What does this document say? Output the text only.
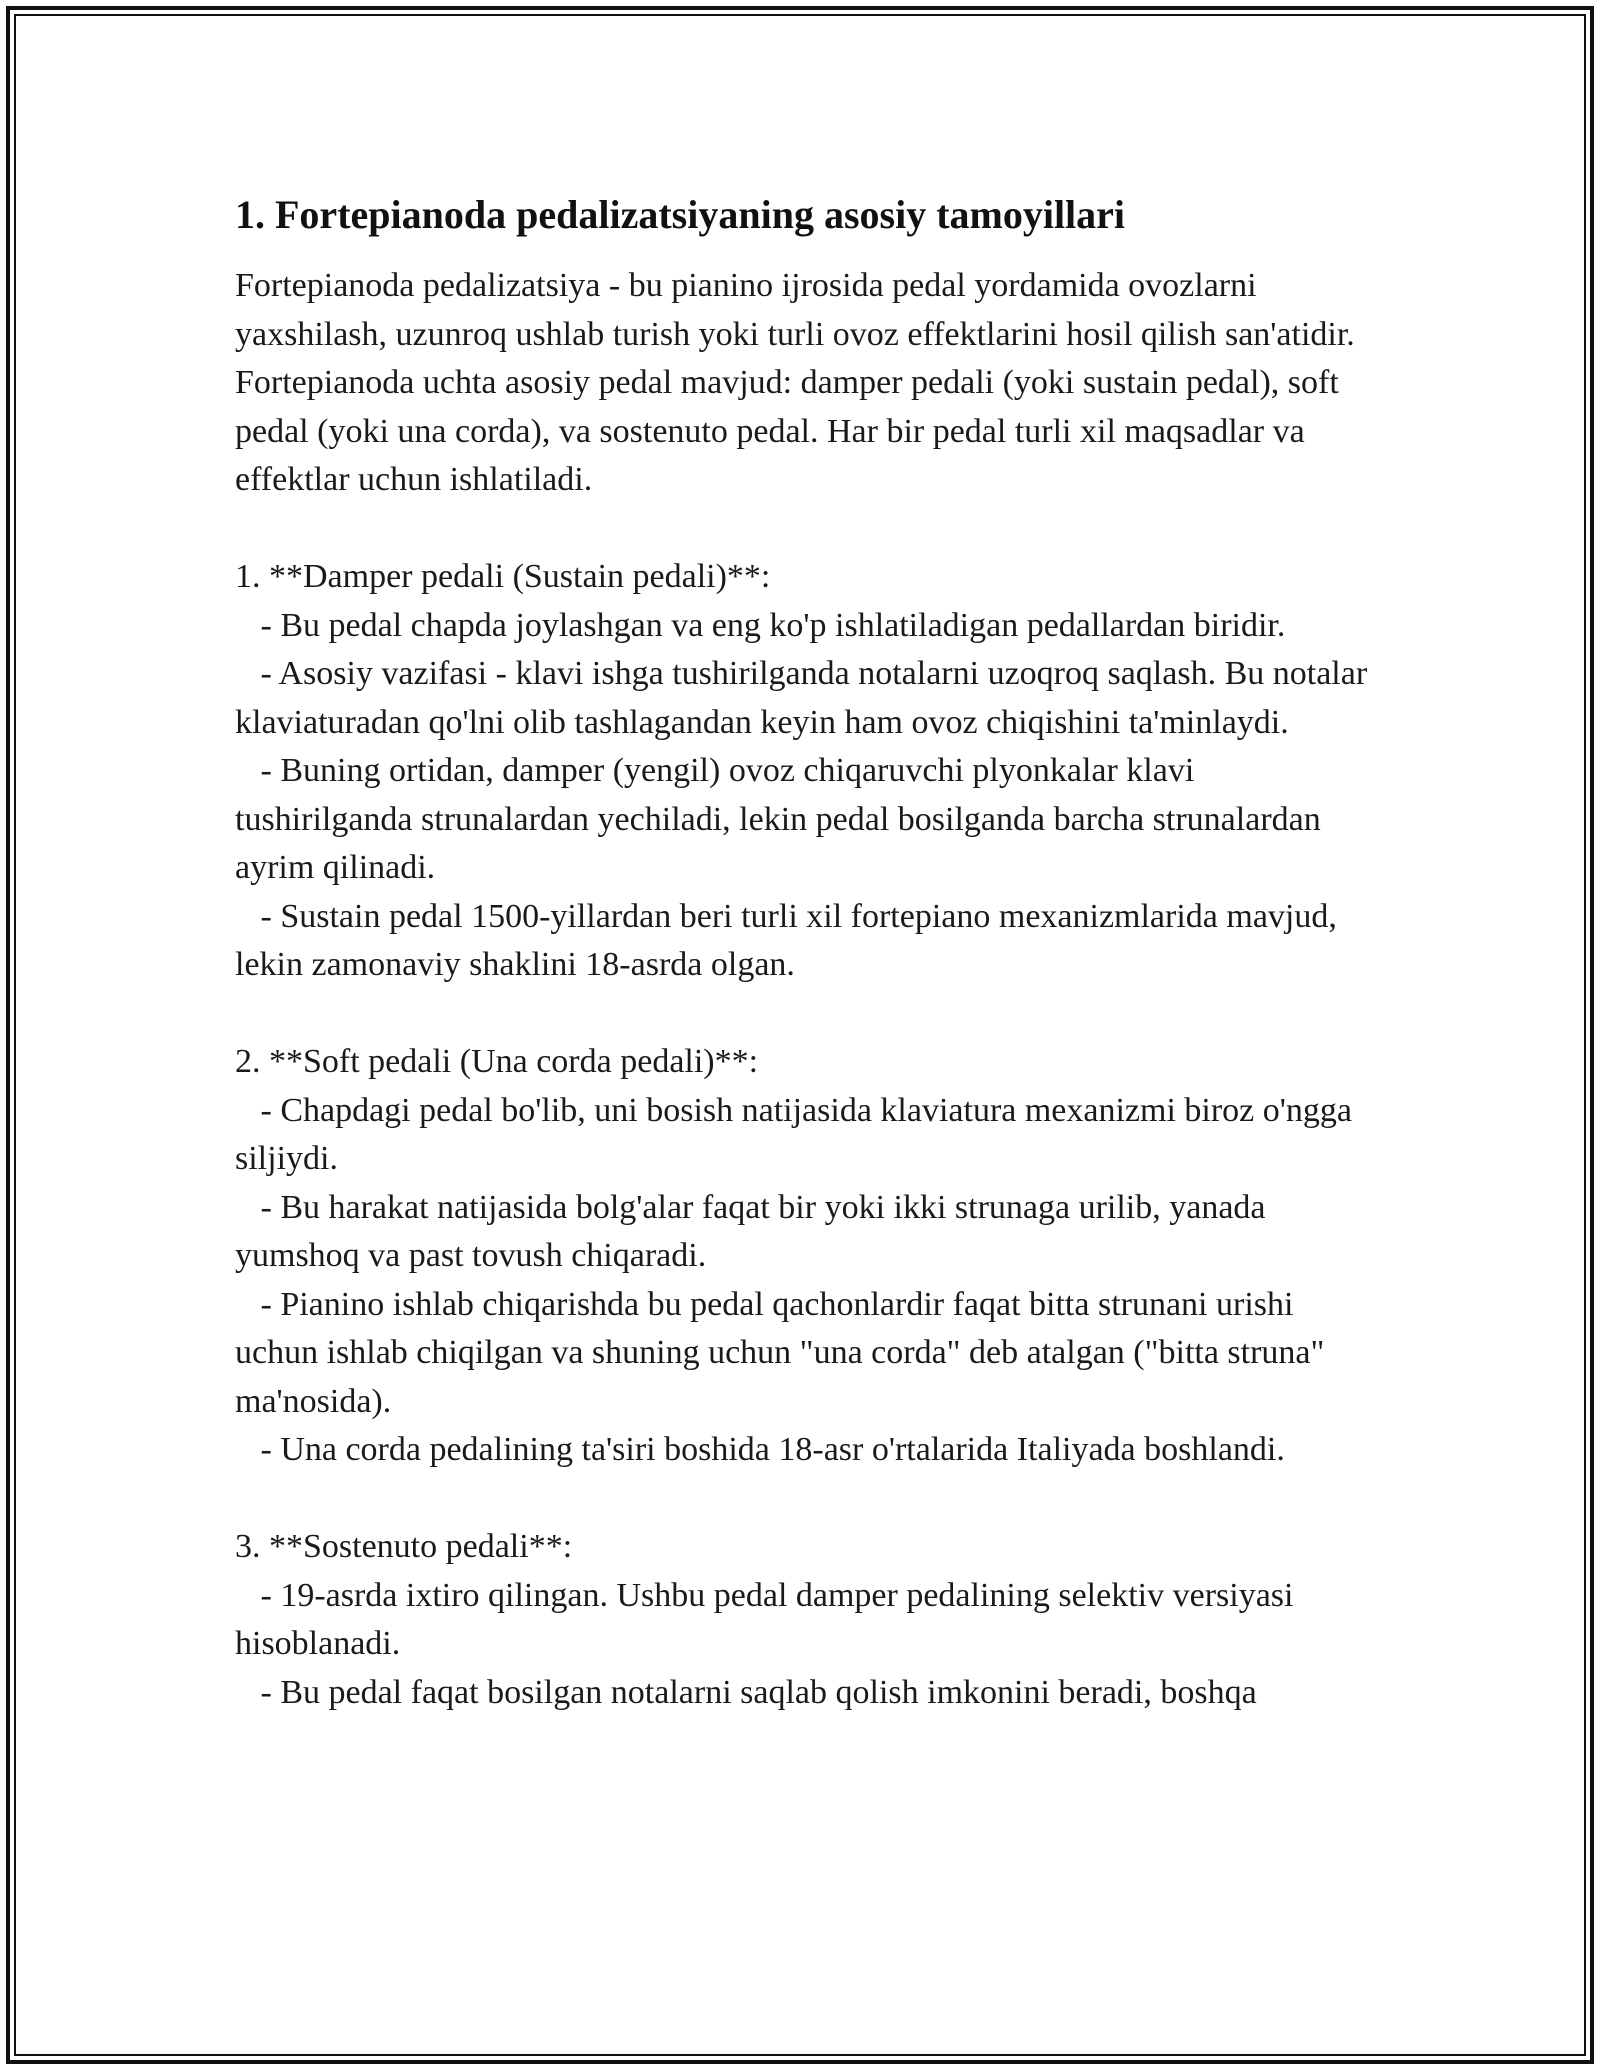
1. Fortepianoda pedalizatsiyaning asosiy tamoyillari

Fortepianoda pedalizatsiya - bu pianino ijrosida pedal yordamida ovozlarni yaxshilash, uzunroq ushlab turish yoki turli ovoz effektlarini hosil qilish san'atidir. Fortepianoda uchta asosiy pedal mavjud: damper pedali (yoki sustain pedal), soft pedal (yoki una corda), va sostenuto pedal. Har bir pedal turli xil maqsadlar va effektlar uchun ishlatiladi.

1. **Damper pedali (Sustain pedali)**:

- Bu pedal chapda joylashgan va eng ko'p ishlatiladigan pedallardan biridir.

- Asosiy vazifasi - klavi ishga tushirilganda notalarni uzoqroq saqlash. Bu notalar klaviaturadan qo'lni olib tashlagandan keyin ham ovoz chiqishini ta'minlaydi.

- Buning ortidan, damper (yengil) ovoz chiqaruvchi plyonkalar klavi tushirilganda strunalardan yechiladi, lekin pedal bosilganda barcha strunalardan ayrim qilinadi.

- Sustain pedal 1500-yillardan beri turli xil fortepiano mexanizmlarida mavjud, lekin zamonaviy shaklini 18-asrda olgan.

2. **Soft pedali (Una corda pedali)**:

- Chapdagi pedal bo'lib, uni bosish natijasida klaviatura mexanizmi biroz o'ngga siljiydi.

- Bu harakat natijasida bolg'alar faqat bir yoki ikki strunaga urilib, yanada yumshoq va past tovush chiqaradi.

- Pianino ishlab chiqarishda bu pedal qachonlardir faqat bitta strunani urishi uchun ishlab chiqilgan va shuning uchun "una corda" deb atalgan ("bitta struna" ma'nosida).

- Una corda pedalining ta'siri boshida 18-asr o'rtalarida Italiyada boshlandi.

3. **Sostenuto pedali**:

- 19-asrda ixtiro qilingan. Ushbu pedal damper pedalining selektiv versiyasi hisoblanadi.

- Bu pedal faqat bosilgan notalarni saqlab qolish imkonini beradi, boshqa
